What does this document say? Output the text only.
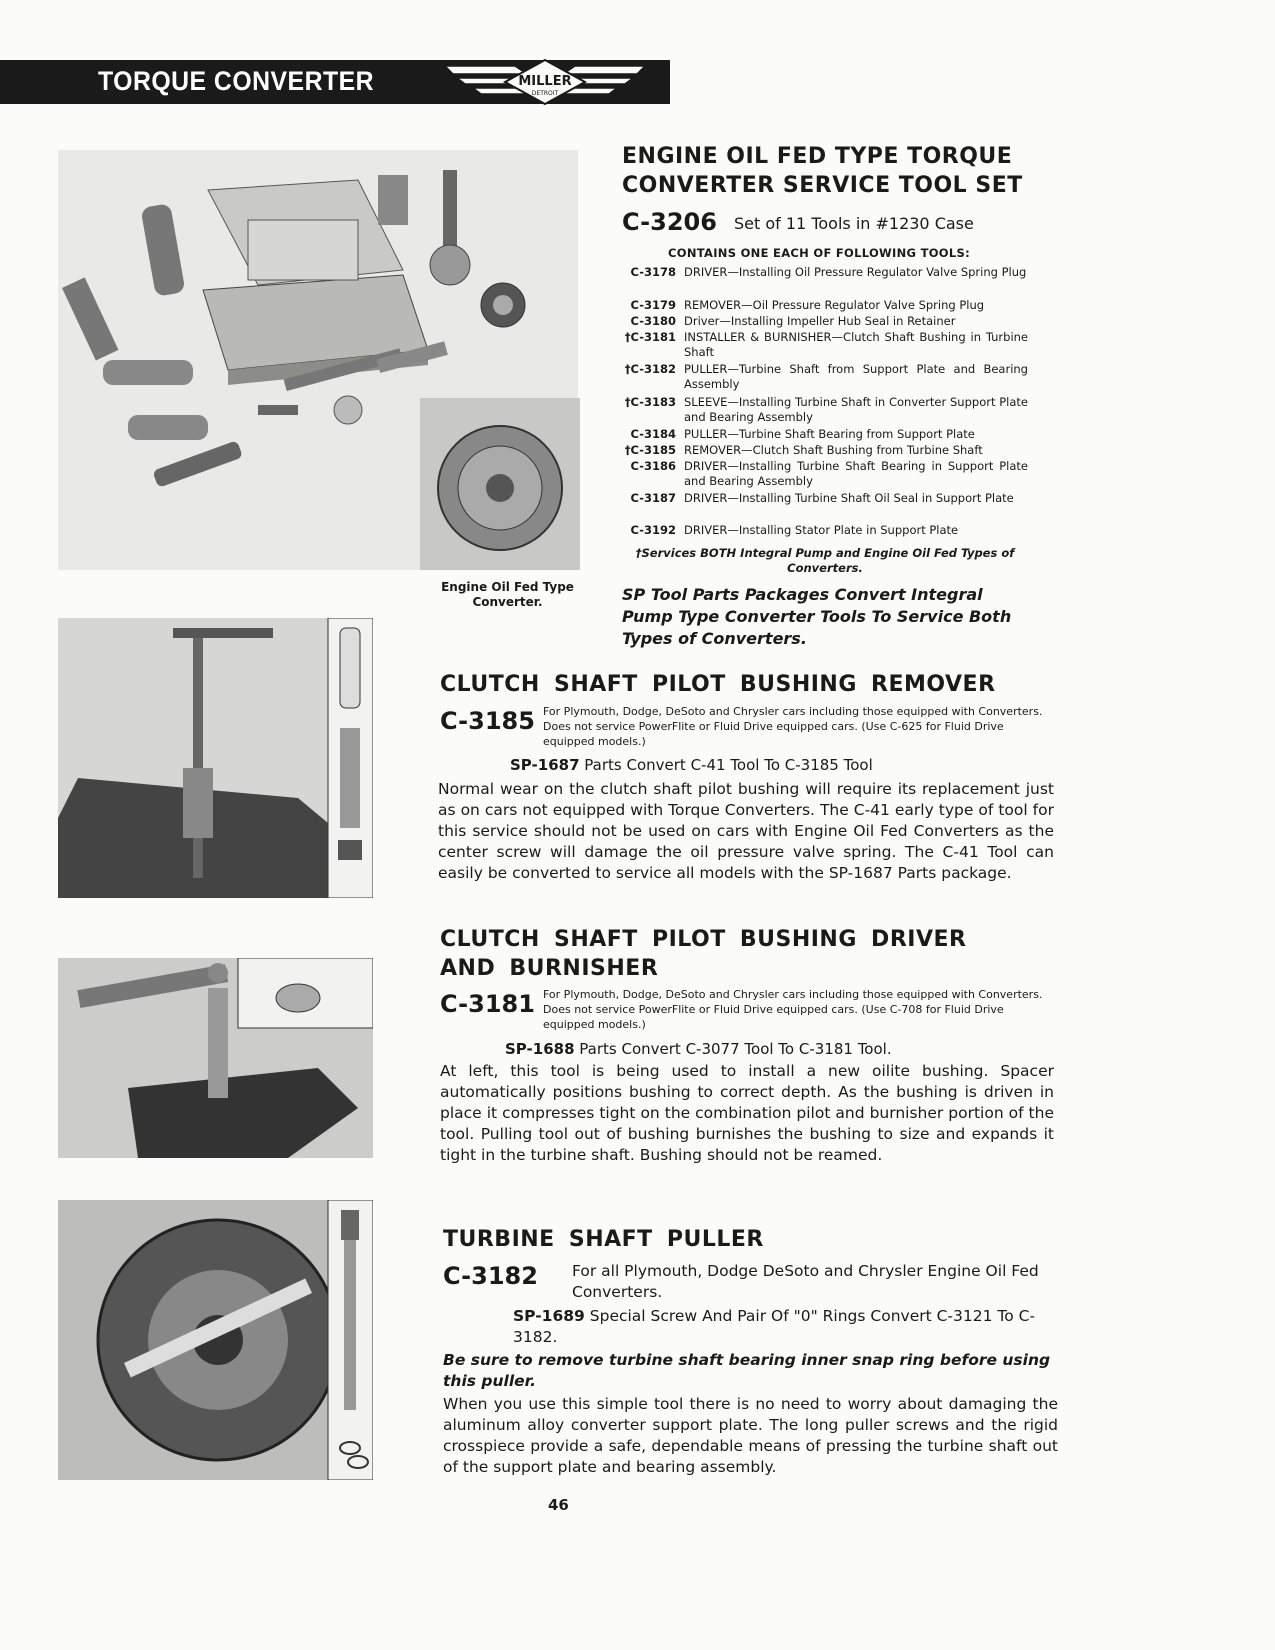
TORQUE CONVERTER	MILLER
DETROIT
Engine Oil Fed Type Converter.
ENGINE OIL FED TYPE TORQUE
CONVERTER SERVICE TOOL SET
C-3206 Set of 11 Tools in #1230 Case
CONTAINS ONE EACH OF FOLLOWING TOOLS:
C-3178 DRIVER—Installing Oil Pressure Regulator Valve Spring Plug
C-3179 REMOVER—Oil Pressure Regulator Valve Spring Plug
C-3180 Driver—Installing Impeller Hub Seal in Retainer
†C-3181 INSTALLER & BURNISHER—Clutch Shaft Bushing in Turbine Shaft
†C-3182 PULLER—Turbine Shaft from Support Plate and Bearing Assembly
†C-3183 SLEEVE—Installing Turbine Shaft in Converter Support Plate and Bearing Assembly
C-3184 PULLER—Turbine Shaft Bearing from Support Plate
†C-3185 REMOVER—Clutch Shaft Bushing from Turbine Shaft
C-3186 DRIVER—Installing Turbine Shaft Bearing in Support Plate and Bearing Assembly
C-3187 DRIVER—Installing Turbine Shaft Oil Seal in Support Plate
C-3192 DRIVER—Installing Stator Plate in Support Plate
†Services BOTH Integral Pump and Engine Oil Fed Types of Converters.
SP Tool Parts Packages Convert Integral Pump Type Converter Tools To Service Both Types of Converters.
CLUTCH SHAFT PILOT BUSHING REMOVER
C-3185 For Plymouth, Dodge, DeSoto and Chrysler cars including those equipped with Converters. Does not service PowerFlite or Fluid Drive equipped cars. (Use C-625 for Fluid Drive equipped models.)
SP-1687 Parts Convert C-41 Tool To C-3185 Tool
Normal wear on the clutch shaft pilot bushing will require its replacement just as on cars not equipped with Torque Converters. The C-41 early type of tool for this service should not be used on cars with Engine Oil Fed Converters as the center screw will damage the oil pressure valve spring. The C-41 Tool can easily be converted to service all models with the SP-1687 Parts package.
CLUTCH SHAFT PILOT BUSHING DRIVER
AND BURNISHER
C-3181 For Plymouth, Dodge, DeSoto and Chrysler cars including those equipped with Converters. Does not service PowerFlite or Fluid Drive equipped cars. (Use C-708 for Fluid Drive equipped models.)
SP-1688 Parts Convert C-3077 Tool To C-3181 Tool.
At left, this tool is being used to install a new oilite bushing. Spacer automatically positions bushing to correct depth. As the bushing is driven in place it compresses tight on the combination pilot and burnisher portion of the tool. Pulling tool out of bushing burnishes the bushing to size and expands it tight in the turbine shaft. Bushing should not be reamed.
TURBINE SHAFT PULLER
C-3182 For all Plymouth, Dodge DeSoto and Chrysler Engine Oil Fed Converters.
SP-1689 Special Screw And Pair Of "0" Rings Convert C-3121 To C-3182.
Be sure to remove turbine shaft bearing inner snap ring before using this puller.
When you use this simple tool there is no need to worry about damaging the aluminum alloy converter support plate. The long puller screws and the rigid crosspiece provide a safe, dependable means of pressing the turbine shaft out of the support plate and bearing assembly.
46
